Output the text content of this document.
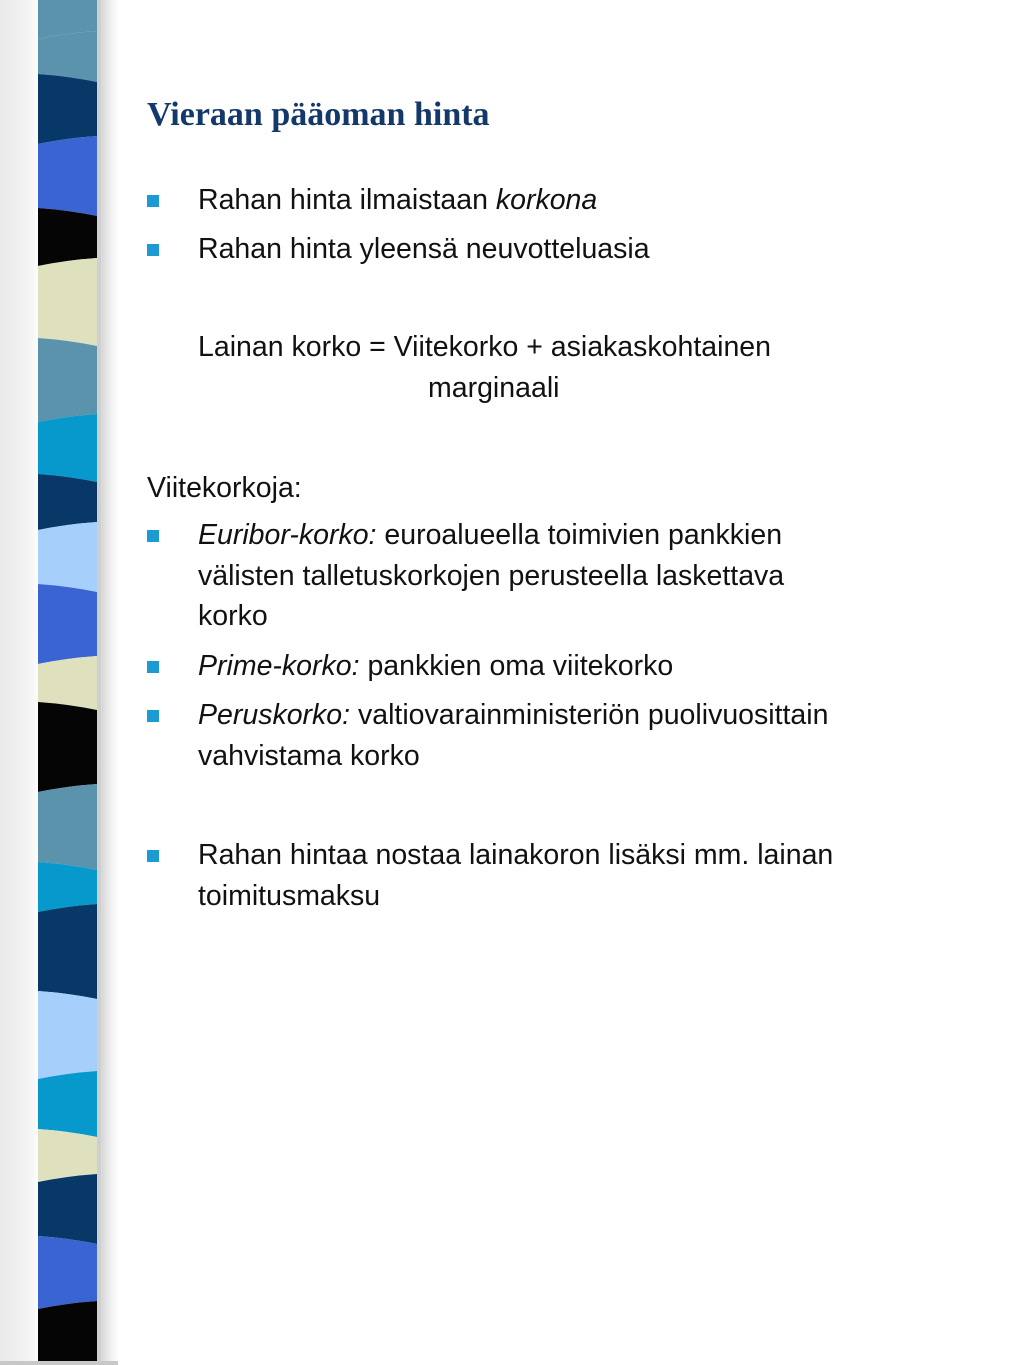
Vieraan pääoman hinta
Rahan hinta ilmaistaan korkona
Rahan hinta yleensä neuvotteluasia
Lainan korko = Viitekorko + asiakaskohtainen
marginaali
Viitekorkoja:
Euribor-korko: euroalueella toimivien pankkien
välisten talletuskorkojen perusteella laskettava
korko
Prime-korko: pankkien oma viitekorko
Peruskorko: valtiovarainministeriön puolivuosittain
vahvistama korko
Rahan hintaa nostaa lainakoron lisäksi mm. lainan
toimitusmaksu
